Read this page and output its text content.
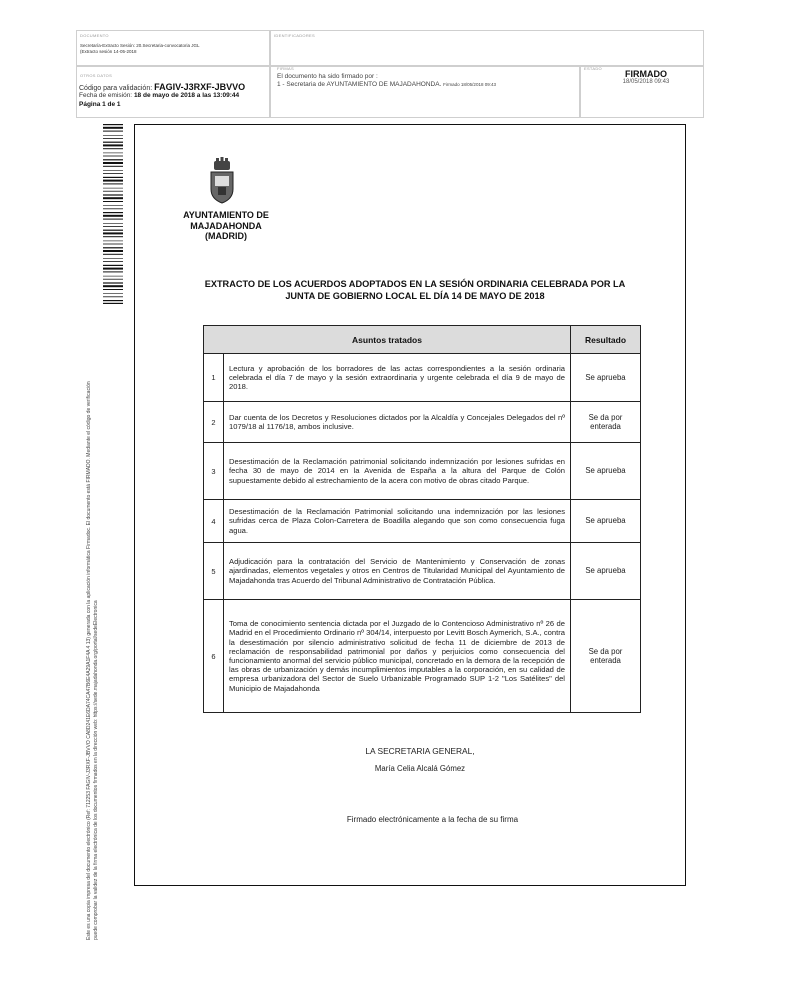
DOCUMENTO
Secretaría-Extracto Sesión: 20.Secretaria-convocatoria JGL
(Extracto sesión 14-05-2018
IDENTIFICADORES
OTROS DATOS
FIRMAS
El documento ha sido firmado por :
1 - Secretaria de AYUNTAMIENTO DE MAJADAHONDA. Firmado 18/05/2018 09:43
ESTADO
FIRMADO
18/05/2018 09:43
Código para validación: FAGIV-J3RXF-JBVVO
Fecha de emisión: 18 de mayo de 2018 a las 13:09:44
Página 1 de 1
Este es una copia impresa del documento electrónico (Ref: 712253 FAGIV-J3RXF-JBVVO CA8D241E6DA74CA47B6E4A29A1F4A 4 13) generada con la aplicación informática Firmadoc. El documento está FIRMADO. Mediante el código de verificación puede comprobar la validez de la firma electrónica de los documentos firmados en la dirección web: https://sede.majadahonda.org/portal/sedeElectronica
AYUNTAMIENTO DE
MAJADAHONDA
(MADRID)
EXTRACTO DE LOS ACUERDOS ADOPTADOS EN LA SESIÓN ORDINARIA CELEBRADA POR LA
JUNTA DE GOBIERNO LOCAL EL DÍA 14 DE MAYO DE 2018
Asuntos tratados		Resultado
1	Lectura y aprobación de los borradores de las actas correspondientes a la sesión ordinaria celebrada el día 7 de mayo y la sesión extraordinaria y urgente celebrada el día 9 de mayo de 2018.	Se aprueba
2	Dar cuenta de los Decretos y Resoluciones dictados por la Alcaldía y Concejales Delegados del nº 1079/18 al 1176/18, ambos inclusive.	Se da por enterada
3	Desestimación de la Reclamación patrimonial solicitando indemnización por lesiones sufridas en fecha 30 de mayo de 2014 en la Avenida de España a la altura del Parque de Colón supuestamente debido al estrechamiento de la acera con motivo de obras citado Parque.	Se aprueba
4	Desestimación de la Reclamación Patrimonial solicitando una indemnización por las lesiones sufridas cerca de Plaza Colon-Carretera de Boadilla alegando que son como consecuencia fuga agua.	Se aprueba
5	Adjudicación para la contratación del Servicio de Mantenimiento y Conservación de zonas ajardinadas, elementos vegetales y otros en Centros de Titularidad Municipal del Ayuntamiento de Majadahonda tras Acuerdo del Tribunal Administrativo de Contratación Pública.	Se aprueba
6	Toma de conocimiento sentencia dictada por el Juzgado de lo Contencioso Administrativo nº 26 de Madrid en el Procedimiento Ordinario nº 304/14, interpuesto por Levitt Bosch Aymerich, S.A., contra la desestimación por silencio administrativo solicitud de fecha 11 de diciembre de 2013 de reclamación de responsabilidad patrimonial por daños y perjuicios como consecuencia del funcionamiento anormal del servicio público municipal, concretado en la demora de la recepción de las obras de urbanización y demás incumplimientos imputables a la corporación, en su calidad de empresa urbanizadora del Sector de Suelo Urbanizable Programado SUP 1-2 "Los Satélites" del Municipio de Majadahonda	Se da por enterada
LA SECRETARIA GENERAL,
María Celia Alcalá Gómez
Firmado electrónicamente a la fecha de su firma
